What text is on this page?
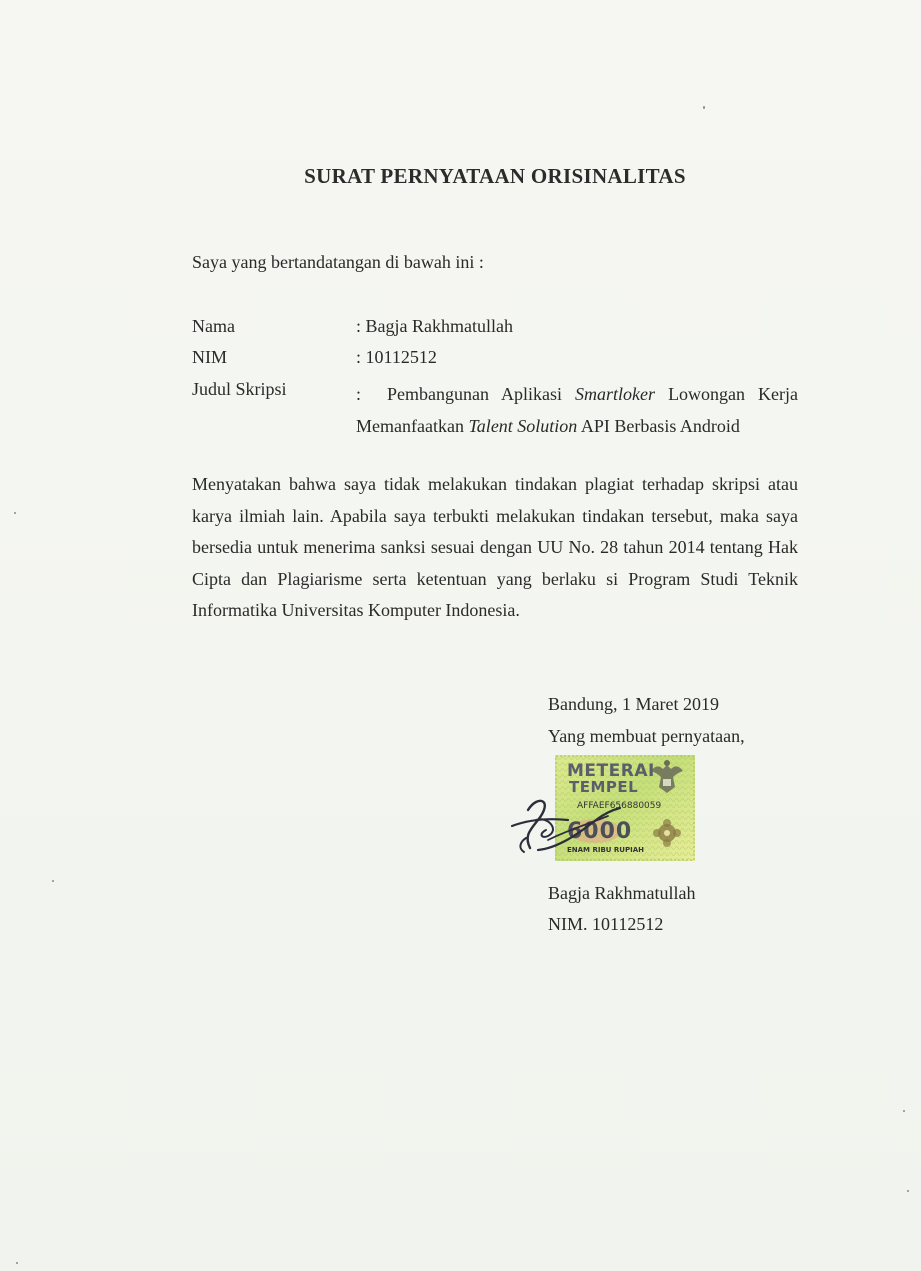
SURAT PERNYATAAN ORISINALITAS
Saya yang bertandatangan di bawah ini :
Nama	: Bagja Rakhmatullah
NIM	: 10112512
Judul Skripsi	: Pembangunan Aplikasi Smartloker Lowongan Kerja
Memanfaatkan Talent Solution API Berbasis Android
Menyatakan bahwa saya tidak melakukan tindakan plagiat terhadap skripsi atau karya ilmiah lain. Apabila saya terbukti melakukan tindakan tersebut, maka saya bersedia untuk menerima sanksi sesuai dengan UU No. 28 tahun 2014 tentang Hak Cipta dan Plagiarisme serta ketentuan yang berlaku si Program Studi Teknik Informatika Universitas Komputer Indonesia.
Bandung, 1 Maret 2019
Yang membuat pernyataan,
METERAI
TEMPEL
AFFAEF656880059
6000
ENAM RIBU RUPIAH
Bagja Rakhmatullah
NIM. 10112512
